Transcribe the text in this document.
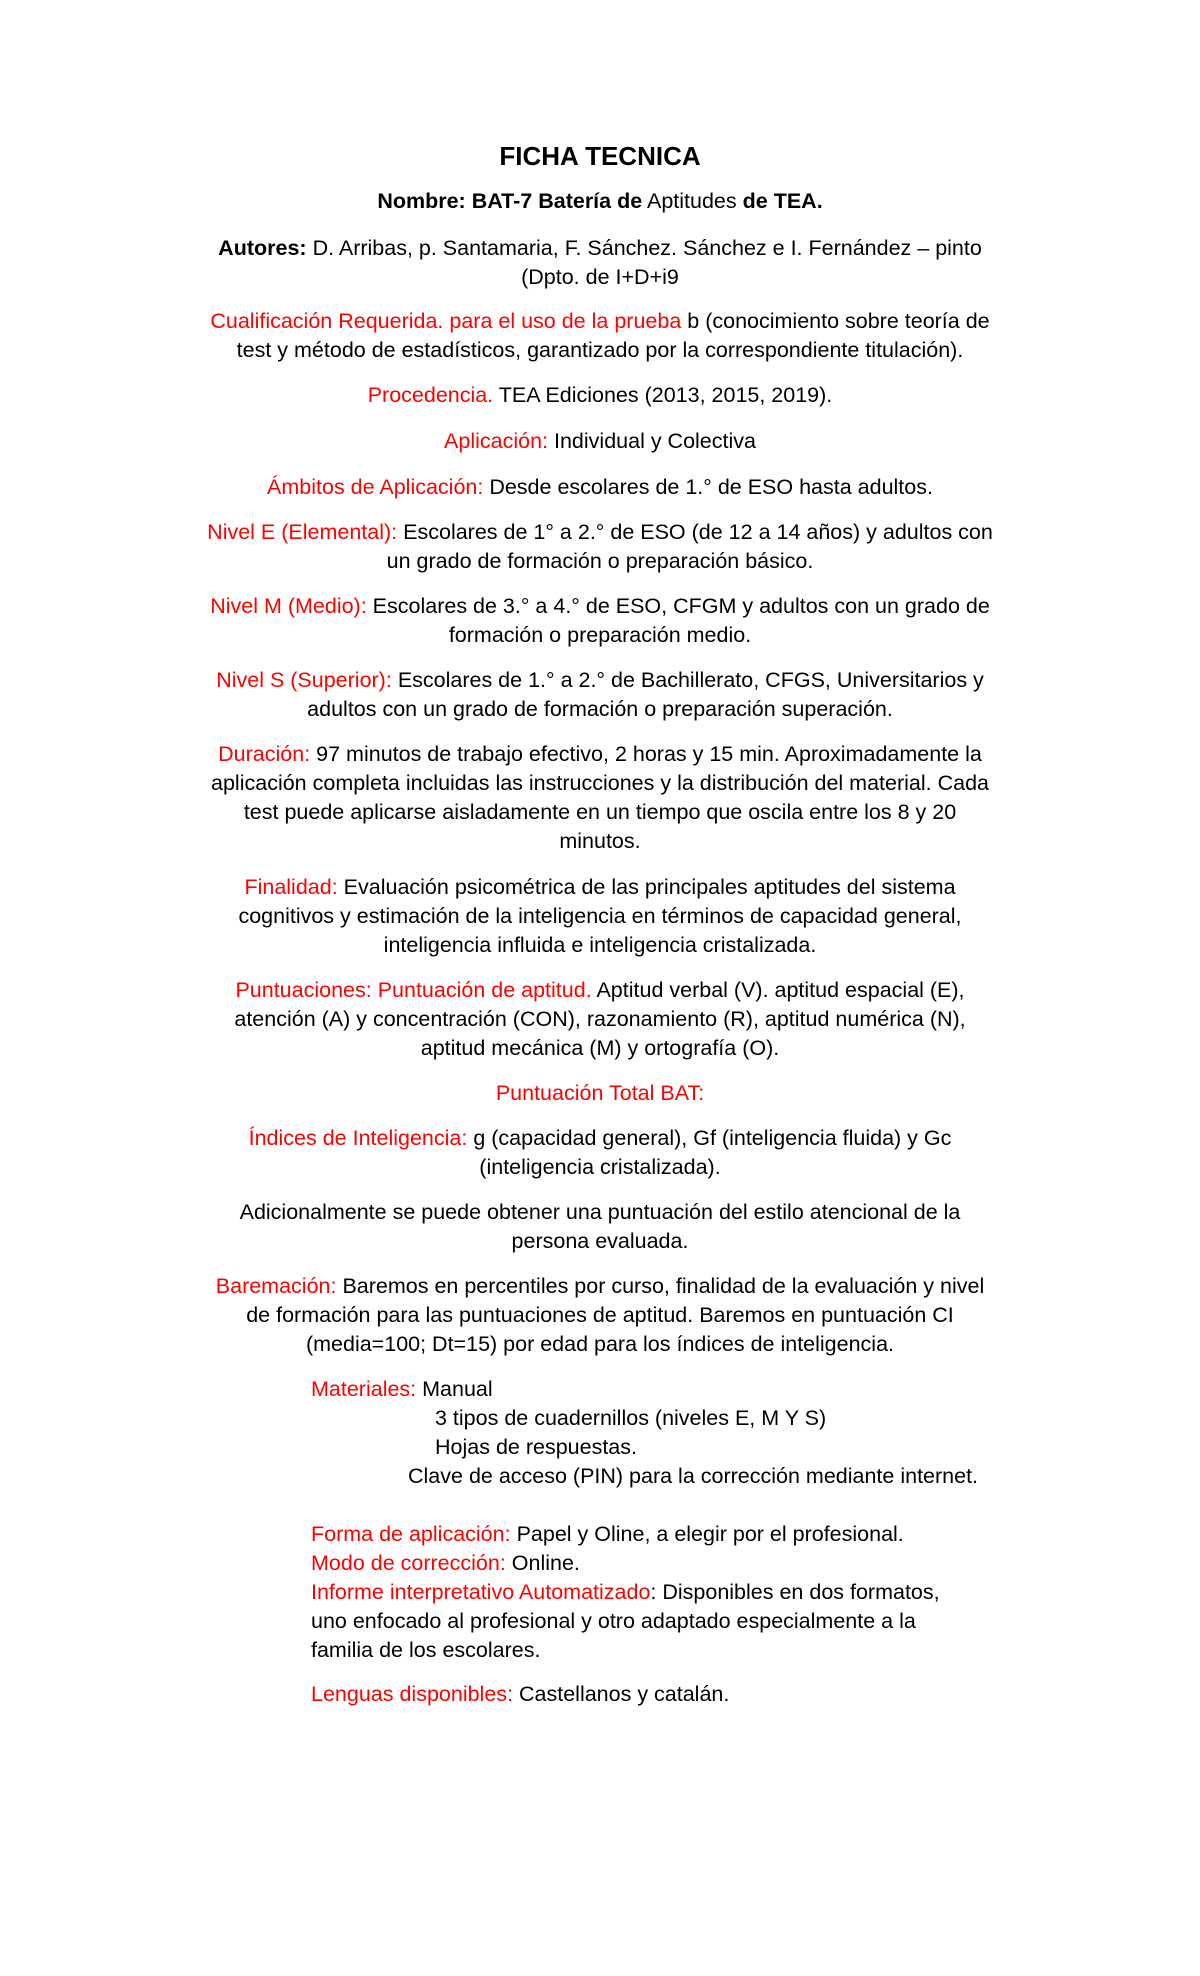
FICHA TECNICA
Nombre: BAT-7 Batería de Aptitudes de TEA.
Autores: D. Arribas, p. Santamaria, F. Sánchez. Sánchez e I. Fernández – pinto
(Dpto. de I+D+i9
Cualificación Requerida. para el uso de la prueba b (conocimiento sobre teoría de
test y método de estadísticos, garantizado por la correspondiente titulación).
Procedencia. TEA Ediciones (2013, 2015, 2019).
Aplicación: Individual y Colectiva
Ámbitos de Aplicación: Desde escolares de 1.° de ESO hasta adultos.
Nivel E (Elemental): Escolares de 1° a 2.° de ESO (de 12 a 14 años) y adultos con
un grado de formación o preparación básico.
Nivel M (Medio): Escolares de 3.° a 4.° de ESO, CFGM y adultos con un grado de
formación o preparación medio.
Nivel S (Superior): Escolares de 1.° a 2.° de Bachillerato, CFGS, Universitarios y
adultos con un grado de formación o preparación superación.
Duración: 97 minutos de trabajo efectivo, 2 horas y 15 min. Aproximadamente la
aplicación completa incluidas las instrucciones y la distribución del material. Cada
test puede aplicarse aisladamente en un tiempo que oscila entre los 8 y 20
minutos.
Finalidad: Evaluación psicométrica de las principales aptitudes del sistema
cognitivos y estimación de la inteligencia en términos de capacidad general,
inteligencia influida e inteligencia cristalizada.
Puntuaciones: Puntuación de aptitud. Aptitud verbal (V). aptitud espacial (E),
atención (A) y concentración (CON), razonamiento (R), aptitud numérica (N),
aptitud mecánica (M) y ortografía (O).
Puntuación Total BAT:
Índices de Inteligencia: g (capacidad general), Gf (inteligencia fluida) y Gc
(inteligencia cristalizada).
Adicionalmente se puede obtener una puntuación del estilo atencional de la
persona evaluada.
Baremación: Baremos en percentiles por curso, finalidad de la evaluación y nivel
de formación para las puntuaciones de aptitud. Baremos en puntuación CI
(media=100; Dt=15) por edad para los índices de inteligencia.
Materiales: Manual
3 tipos de cuadernillos (niveles E, M Y S)
Hojas de respuestas.
Clave de acceso (PIN) para la corrección mediante internet.
Forma de aplicación: Papel y Oline, a elegir por el profesional.
Modo de corrección: Online.
Informe interpretativo Automatizado: Disponibles en dos formatos,
uno enfocado al profesional y otro adaptado especialmente a la
familia de los escolares.
Lenguas disponibles: Castellanos y catalán.
